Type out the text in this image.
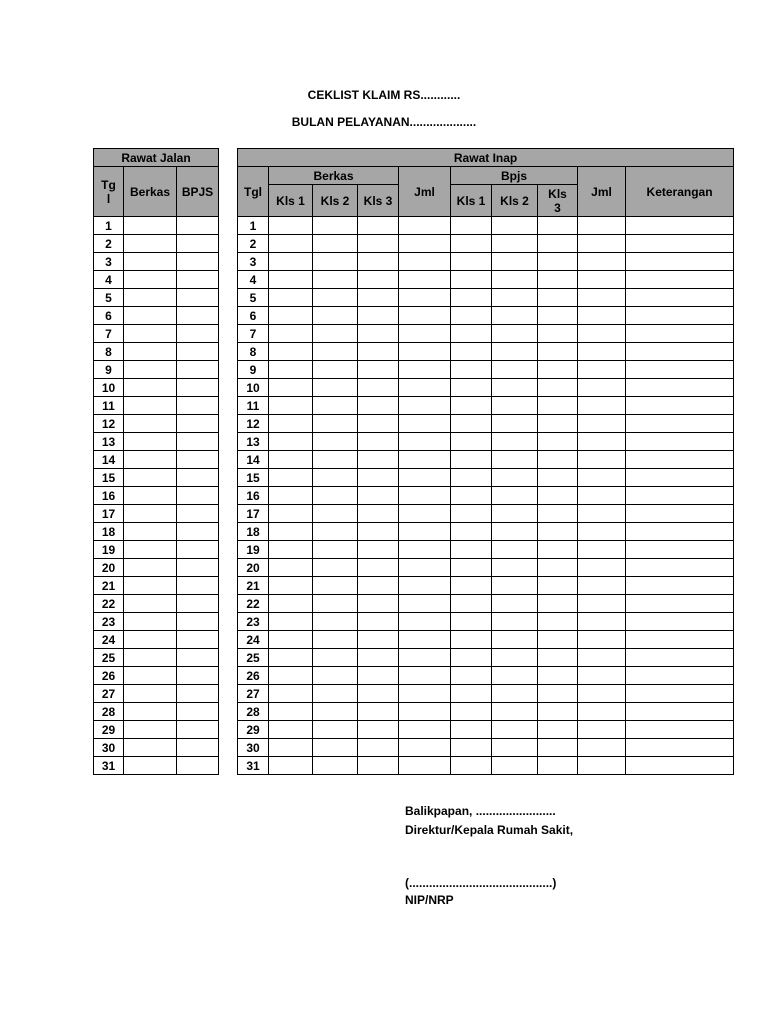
CEKLIST KLAIM RS............
BULAN PELAYANAN....................
Rawat Jalan		
Tg l	Berkas	BPJS
1		
2		
3		
4		
5		
6		
7		
8		
9		
10		
11		
12		
13		
14		
15		
16		
17		
18		
19		
20		
21		
22		
23		
24		
25		
26		
27		
28		
29		
30		
31		
Rawat Inap									
Tgl	Berkas			Jml	Bpjs			Jml	Keterangan
	Kls 1	Kls 2	Kls 3		Kls 1	Kls 2	Kls 3		
1									
2									
3									
4									
5									
6									
7									
8									
9									
10									
11									
12									
13									
14									
15									
16									
17									
18									
19									
20									
21									
22									
23									
24									
25									
26									
27									
28									
29									
30									
31									
Balikpapan, ........................
Direktur/Kepala Rumah Sakit,
(...........................................)
NIP/NRP
